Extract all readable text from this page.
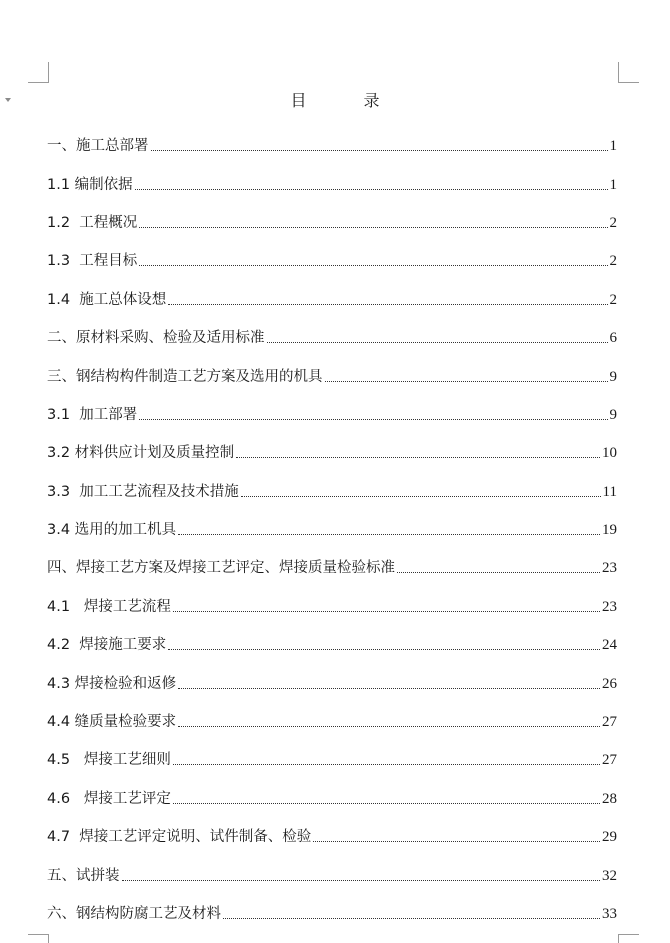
目 录
一、施工总部署	1
1.1 编制依据	1
1.2  工程概况	2
1.3  工程目标	2
1.4  施工总体设想	2
二、原材料采购、检验及适用标准	6
三、钢结构构件制造工艺方案及选用的机具	9
3.1  加工部署	9
3.2 材料供应计划及质量控制	10
3.3  加工工艺流程及技术措施	11
3.4 选用的加工机具	19
四、焊接工艺方案及焊接工艺评定、焊接质量检验标准	23
4.1   焊接工艺流程	23
4.2  焊接施工要求	24
4.3 焊接检验和返修	26
4.4 缝质量检验要求	27
4.5   焊接工艺细则	27
4.6   焊接工艺评定	28
4.7  焊接工艺评定说明、试件制备、检验	29
五、试拼装	32
六、钢结构防腐工艺及材料	33
